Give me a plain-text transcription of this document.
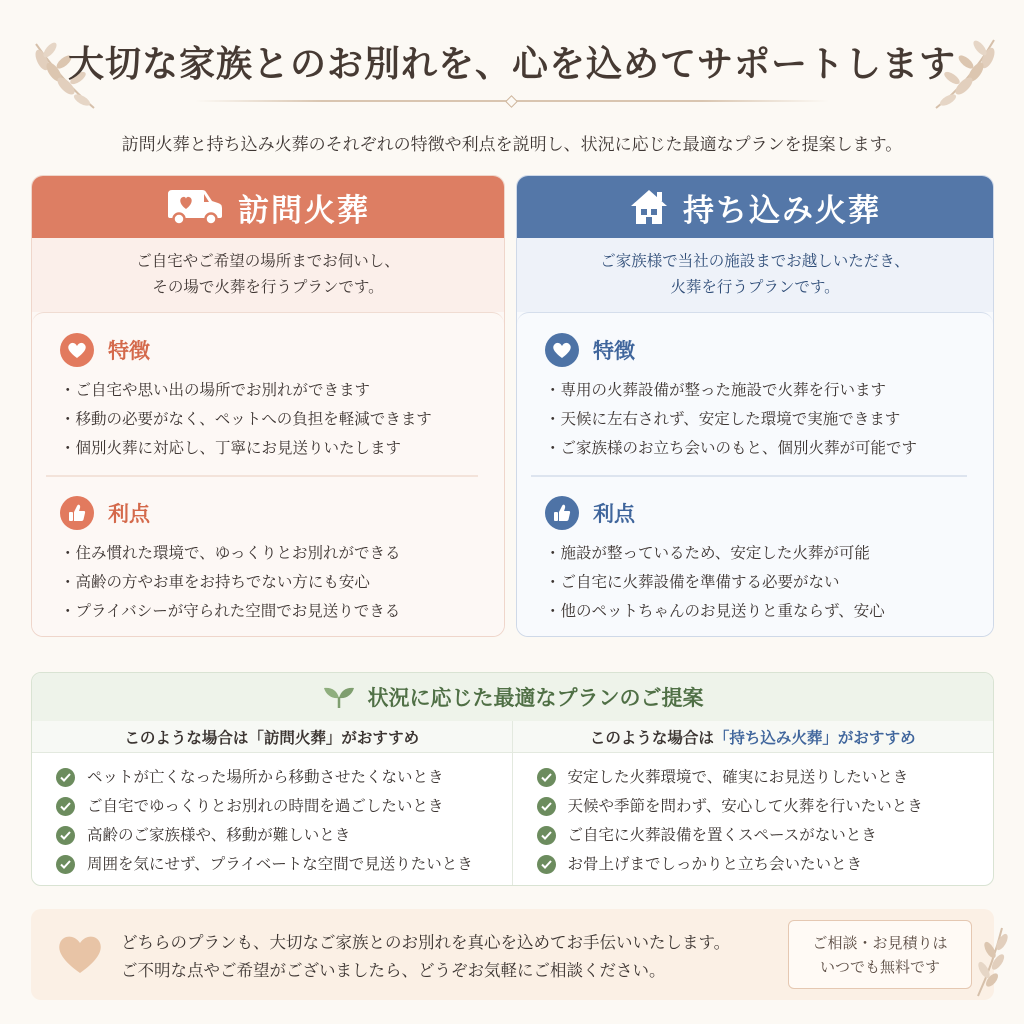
大切な家族とのお別れを、心を込めてサポートします
訪問火葬と持ち込み火葬のそれぞれの特徴や利点を説明し、状況に応じた最適なプランを提案します。
訪問火葬
ご自宅やご希望の場所までお伺いし、
その場で火葬を行うプランです。
特徴
・ご自宅や思い出の場所でお別れができます
・移動の必要がなく、ペットへの負担を軽減できます
・個別火葬に対応し、丁寧にお見送りいたします
利点
・住み慣れた環境で、ゆっくりとお別れができる
・高齢の方やお車をお持ちでない方にも安心
・プライバシーが守られた空間でお見送りできる
持ち込み火葬
ご家族様で当社の施設までお越しいただき、
火葬を行うプランです。
特徴
・専用の火葬設備が整った施設で火葬を行います
・天候に左右されず、安定した環境で実施できます
・ご家族様のお立ち会いのもと、個別火葬が可能です
利点
・施設が整っているため、安定した火葬が可能
・ご自宅に火葬設備を準備する必要がない
・他のペットちゃんのお見送りと重ならず、安心
状況に応じた最適なプランのご提案
このような場合は「訪問火葬」がおすすめ
ペットが亡くなった場所から移動させたくないとき
ご自宅でゆっくりとお別れの時間を過ごしたいとき
高齢のご家族様や、移動が難しいとき
周囲を気にせず、プライベートな空間で見送りたいとき
このような場合は 「持ち込み火葬」がおすすめ
安定した火葬環境で、確実にお見送りしたいとき
天候や季節を問わず、安心して火葬を行いたいとき
ご自宅に火葬設備を置くスペースがないとき
お骨上げまでしっかりと立ち会いたいとき
どちらのプランも、大切なご家族とのお別れを真心を込めてお手伝いいたします。
ご不明な点やご希望がございましたら、どうぞお気軽にご相談ください。
ご相談・お見積りは
いつでも無料です
